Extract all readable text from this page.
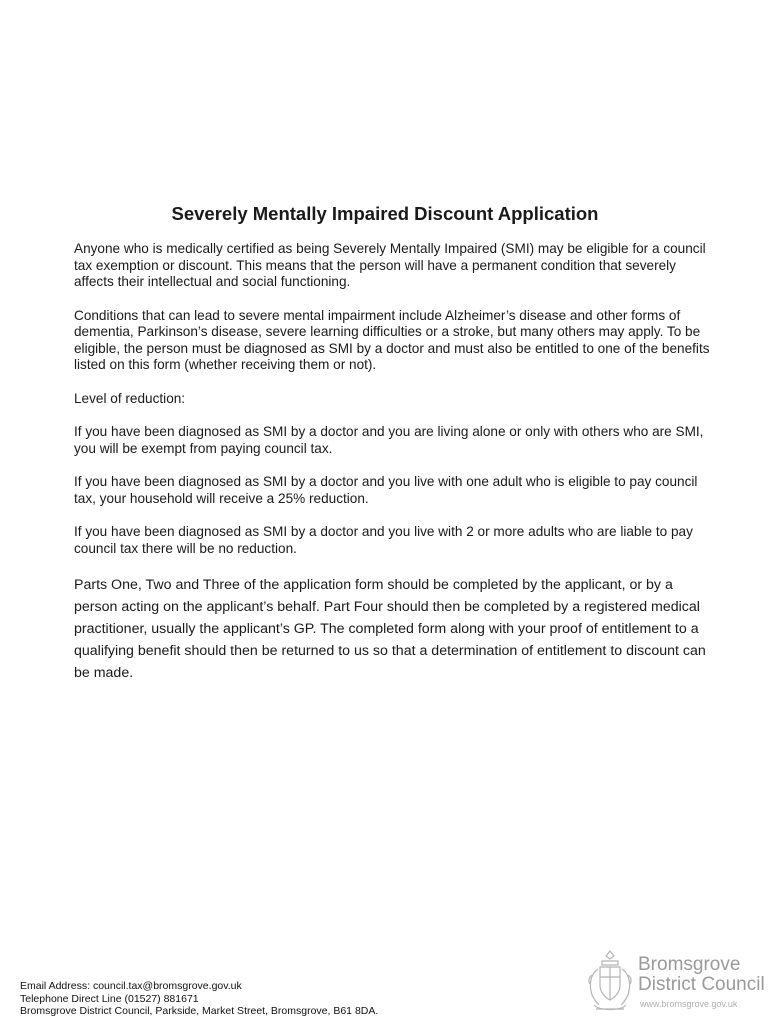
Severely Mentally Impaired Discount Application

Anyone who is medically certified as being Severely Mentally Impaired (SMI) may be eligible for a council tax exemption or discount. This means that the person will have a permanent condition that severely affects their intellectual and social functioning.

Conditions that can lead to severe mental impairment include Alzheimer’s disease and other forms of dementia, Parkinson’s disease, severe learning difficulties or a stroke, but many others may apply. To be eligible, the person must be diagnosed as SMI by a doctor and must also be entitled to one of the benefits listed on this form (whether receiving them or not).

Level of reduction:

If you have been diagnosed as SMI by a doctor and you are living alone or only with others who are SMI, you will be exempt from paying council tax.

If you have been diagnosed as SMI by a doctor and you live with one adult who is eligible to pay council tax, your household will receive a 25% reduction.

If you have been diagnosed as SMI by a doctor and you live with 2 or more adults who are liable to pay council tax there will be no reduction.

Parts One, Two and Three of the application form should be completed by the applicant, or by a person acting on the applicant’s behalf. Part Four should then be completed by a registered medical practitioner, usually the applicant’s GP. The completed form along with your proof of entitlement to a qualifying benefit should then be returned to us so that a determination of entitlement to discount can be made.

Email Address: council.tax@bromsgrove.gov.uk
Telephone Direct Line (01527) 881671
Bromsgrove District Council, Parkside, Market Street, Bromsgrove, B61 8DA.
Bromsgrove
District Council
www.bromsgrove.gov.uk
